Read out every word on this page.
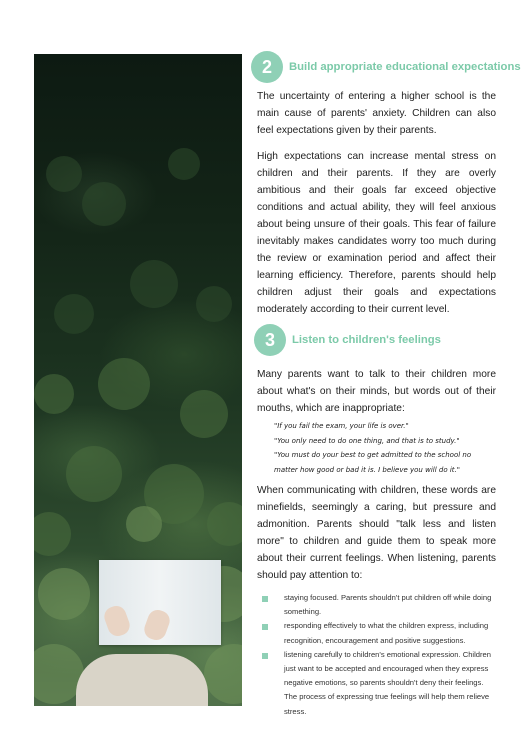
2	Build appropriate educational expectations

The uncertainty of entering a higher school is the main cause of parents' anxiety. Children can also feel expectations given by their parents.

High expectations can increase mental stress on children and their parents. If they are overly ambitious and their goals far exceed objective conditions and actual ability, they will feel anxious about being unsure of their goals. This fear of failure inevitably makes candidates worry too much during the review or examination period and affect their learning efficiency. Therefore, parents should help children adjust their goals and expectations moderately according to their current level.

3	Listen to children's feelings

Many parents want to talk to their children more about what's on their minds, but words out of their mouths, which are inappropriate:

"If you fail the exam, your life is over."

"You only need to do one thing, and that is to study."

"You must do your best to get admitted to the school no matter how good or bad it is. I believe you will do it."

When communicating with children, these words are minefields, seemingly a caring, but pressure and admonition. Parents should "talk less and listen more" to children and guide them to speak more about their current feelings. When listening, parents should pay attention to:

staying focused. Parents shouldn't put children off while doing something.
responding effectively to what the children express, including recognition, encouragement and positive suggestions.
listening carefully to children's emotional expression. Children just want to be accepted and encouraged when they express negative emotions, so parents shouldn't deny their feelings. The process of expressing true feelings will help them relieve stress.
